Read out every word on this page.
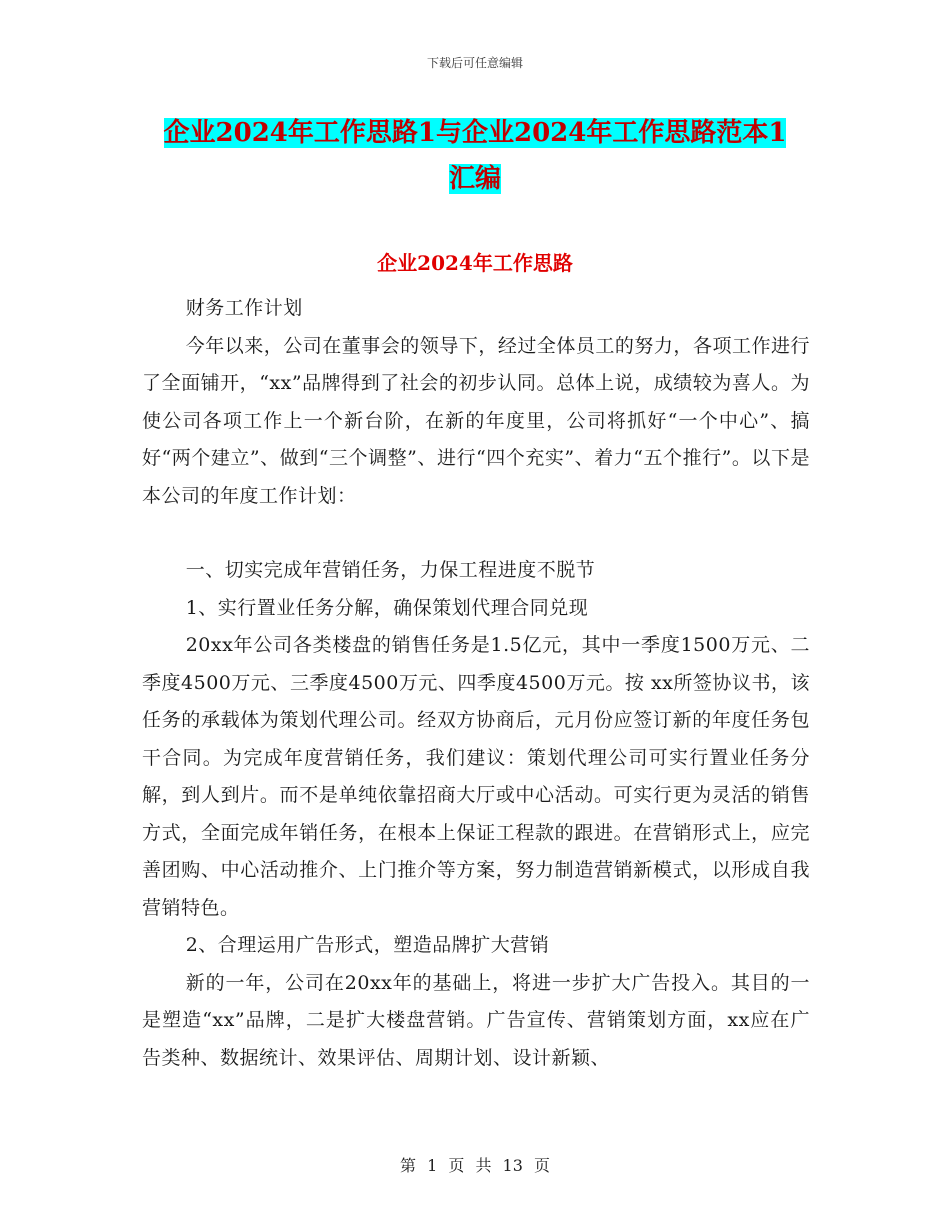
下载后可任意编辑
企业2024年工作思路1与企业2024年工作思路范本1
汇编
企业2024年工作思路

财务工作计划

今年以来，公司在董事会的领导下，经过全体员工的努力，各项工作进行了全面铺开，“xx”品牌得到了社会的初步认同。总体上说，成绩较为喜人。为使公司各项工作上一个新台阶，在新的年度里，公司将抓好“一个中心”、搞好“两个建立”、做到“三个调整”、进行“四个充实”、着力“五个推行”。以下是本公司的年度工作计划：

一、切实完成年营销任务，力保工程进度不脱节

1、实行置业任务分解，确保策划代理合同兑现

20xx年公司各类楼盘的销售任务是1.5亿元，其中一季度1500万元、二季度4500万元、三季度4500万元、四季度4500万元。按 xx所签协议书，该任务的承载体为策划代理公司。经双方协商后，元月份应签订新的年度任务包干合同。为完成年度营销任务，我们建议：策划代理公司可实行置业任务分解，到人到片。而不是单纯依靠招商大厅或中心活动。可实行更为灵活的销售方式，全面完成年销任务，在根本上保证工程款的跟进。在营销形式上，应完善团购、中心活动推介、上门推介等方案，努力制造营销新模式，以形成自我营销特色。

2、合理运用广告形式，塑造品牌扩大营销

新的一年，公司在20xx年的基础上，将进一步扩大广告投入。其目的一是塑造“xx”品牌，二是扩大楼盘营销。广告宣传、营销策划方面，xx应在广告类种、数据统计、效果评估、周期计划、设计新颖、

第 1 页 共 13 页
